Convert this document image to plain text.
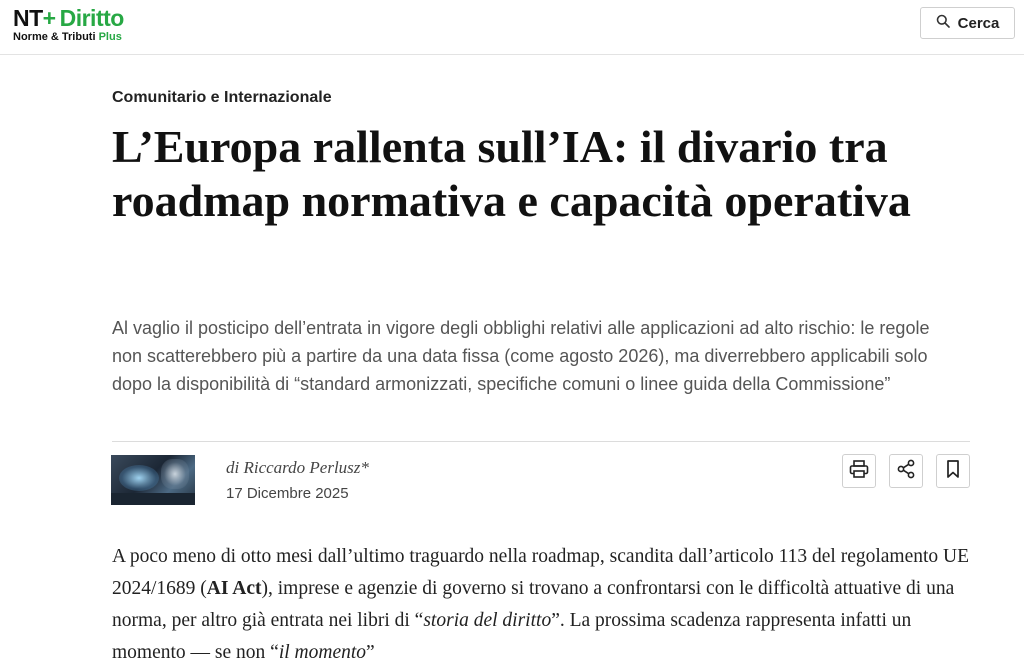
NT+ Diritto
Norme & Tributi Plus
Cerca
Comunitario e Internazionale
L’Europa rallenta sull’IA: il divario tra roadmap normativa e capacità operativa

Al vaglio il posticipo dell’entrata in vigore degli obblighi relativi alle applicazioni ad alto rischio: le regole non scatterebbero più a partire da una data fissa (come agosto 2026), ma diverrebbero applicabili solo dopo la disponibilità di “standard armonizzati, specifiche comuni o linee guida della Commissione”

di Riccardo Perlusz*
17 Dicembre 2025

A poco meno di otto mesi dall’ultimo traguardo nella roadmap, scandita dall’articolo 113 del regolamento UE 2024/1689 (AI Act), imprese e agenzie di governo si trovano a confrontarsi con le difficoltà attuative di una norma, per altro già entrata nei libri di “storia del diritto”. La prossima scadenza rappresenta infatti un momento — se non “il momento”
